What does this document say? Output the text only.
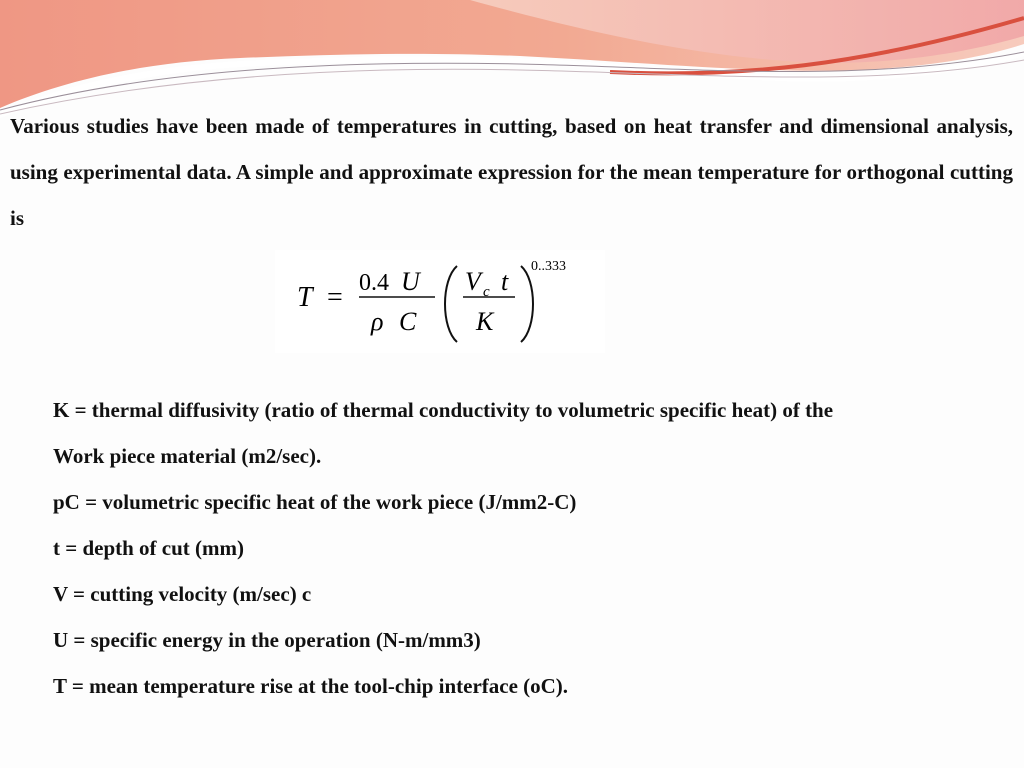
Various studies have been made of temperatures in cutting, based on heat transfer and dimensional analysis, using experimental data. A simple and approximate expression for the mean temperature for orthogonal cutting is

T = 0.4 U
ρ C
V c t
K
0..333
K = thermal diffusivity (ratio of thermal conductivity to volumetric specific heat) of the
Work piece material (m2/sec).
pC = volumetric specific heat of the work piece (J/mm2-C)
t = depth of cut (mm)
V = cutting velocity (m/sec) c
U = specific energy in the operation (N-m/mm3)
T = mean temperature rise at the tool-chip interface (oC).
